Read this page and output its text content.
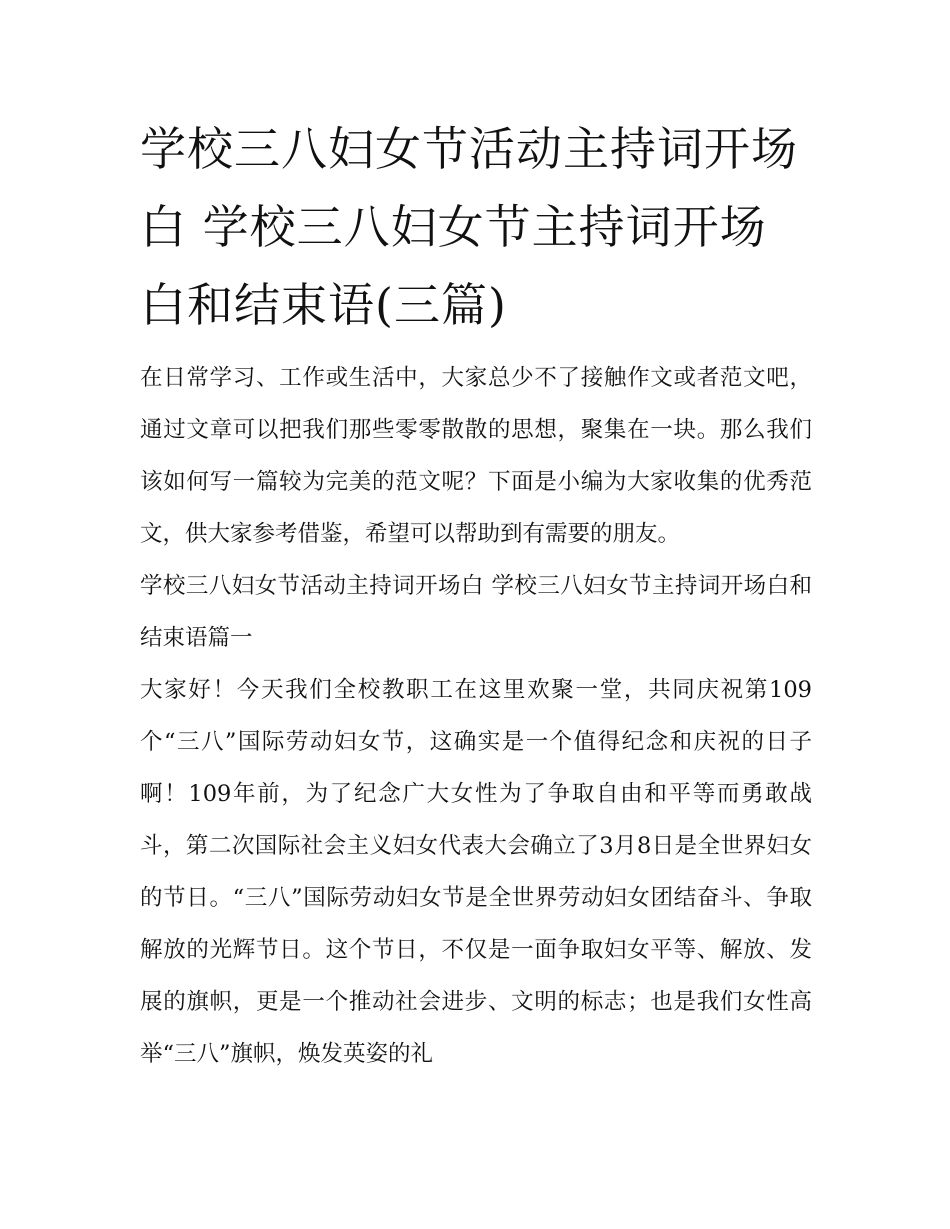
学校三八妇女节活动主持词开场白 学校三八妇女节主持词开场白和结束语(三篇)

在日常学习、工作或生活中，大家总少不了接触作文或者范文吧，通过文章可以把我们那些零零散散的思想，聚集在一块。那么我们该如何写一篇较为完美的范文呢？下面是小编为大家收集的优秀范文，供大家参考借鉴，希望可以帮助到有需要的朋友。

学校三八妇女节活动主持词开场白 学校三八妇女节主持词开场白和结束语篇一

大家好！今天我们全校教职工在这里欢聚一堂，共同庆祝第109个“三八”国际劳动妇女节，这确实是一个值得纪念和庆祝的日子啊！109年前，为了纪念广大女性为了争取自由和平等而勇敢战斗，第二次国际社会主义妇女代表大会确立了3月8日是全世界妇女的节日。“三八”国际劳动妇女节是全世界劳动妇女团结奋斗、争取解放的光辉节日。这个节日，不仅是一面争取妇女平等、解放、发展的旗帜，更是一个推动社会进步、文明的标志；也是我们女性高举“三八”旗帜，焕发英姿的礼
